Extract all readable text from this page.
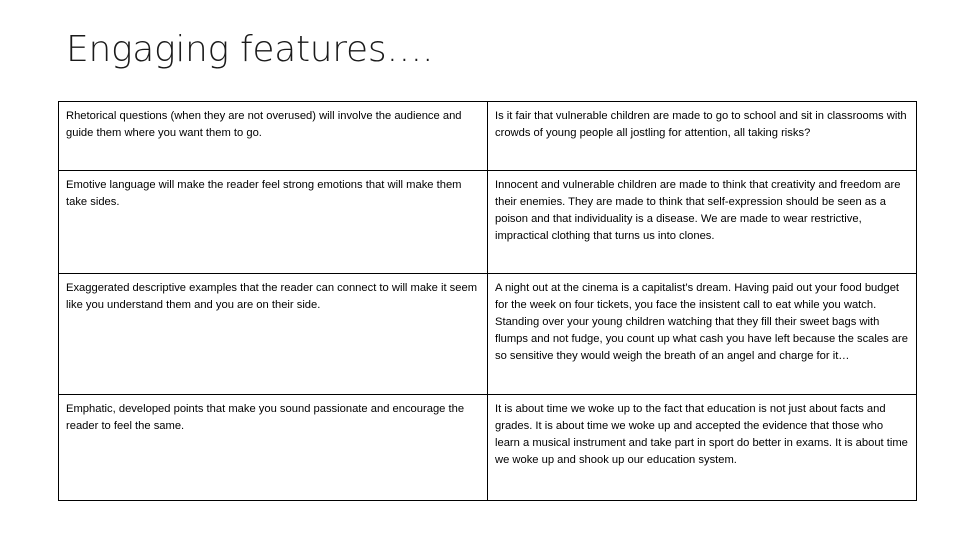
Engaging features….
Rhetorical questions (when they are not overused) will involve the audience and guide them where you want them to go.	Is it fair that vulnerable children are made to go to school and sit in classrooms with crowds of young people all jostling for attention, all taking risks?
Emotive language will make the reader feel strong emotions that will make them take sides.	Innocent and vulnerable children are made to think that creativity and freedom are their enemies. They are made to think that self-expression should be seen as a poison and that individuality is a disease. We are made to wear restrictive, impractical clothing that turns us into clones.
Exaggerated descriptive examples that the reader can connect to will make it seem like you understand them and you are on their side.	A night out at the cinema is a capitalist’s dream. Having paid out your food budget for the week on four tickets, you face the insistent call to eat while you watch. Standing over your young children watching that they fill their sweet bags with flumps and not fudge, you count up what cash you have left because the scales are so sensitive they would weigh the breath of an angel and charge for it…
Emphatic, developed points that make you sound passionate and encourage the reader to feel the same.	It is about time we woke up to the fact that education is not just about facts and grades. It is about time we woke up and accepted the evidence that those who learn a musical instrument and take part in sport do better in exams. It is about time we woke up and shook up our education system.
